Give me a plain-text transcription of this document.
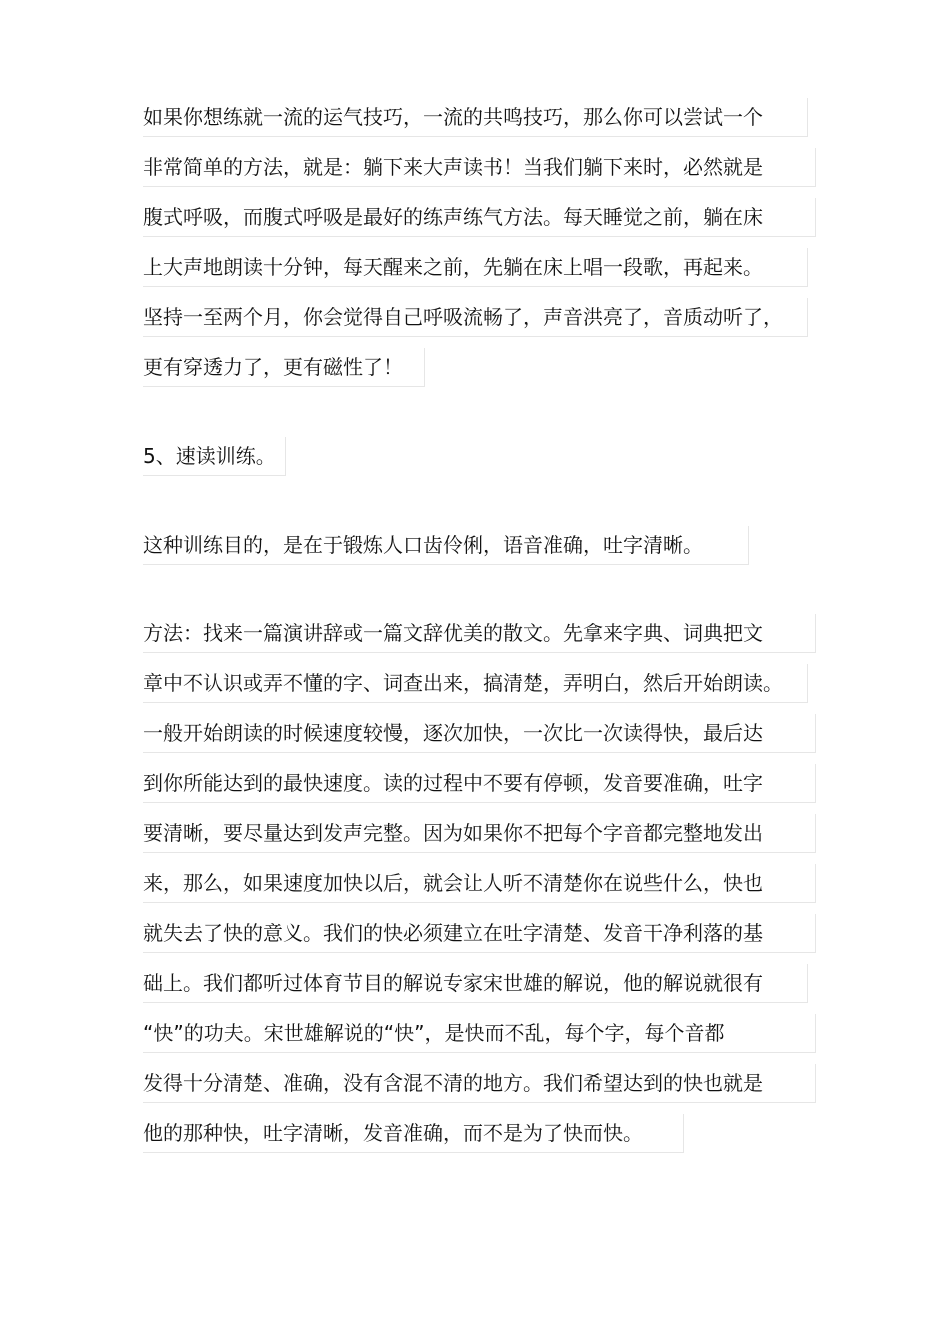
如果你想练就一流的运气技巧，一流的共鸣技巧，那么你可以尝试一个
非常简单的方法，就是：躺下来大声读书！当我们躺下来时，必然就是
腹式呼吸，而腹式呼吸是最好的练声练气方法。每天睡觉之前，躺在床
上大声地朗读十分钟，每天醒来之前，先躺在床上唱一段歌，再起来。
坚持一至两个月，你会觉得自己呼吸流畅了，声音洪亮了，音质动听了，
更有穿透力了，更有磁性了！
5、速读训练。
这种训练目的，是在于锻炼人口齿伶俐，语音准确，吐字清晰。
方法：找来一篇演讲辞或一篇文辞优美的散文。先拿来字典、词典把文
章中不认识或弄不懂的字、词查出来，搞清楚，弄明白，然后开始朗读。
一般开始朗读的时候速度较慢，逐次加快，一次比一次读得快，最后达
到你所能达到的最快速度。读的过程中不要有停顿，发音要准确，吐字
要清晰，要尽量达到发声完整。因为如果你不把每个字音都完整地发出
来，那么，如果速度加快以后，就会让人听不清楚你在说些什么，快也
就失去了快的意义。我们的快必须建立在吐字清楚、发音干净利落的基
础上。我们都听过体育节目的解说专家宋世雄的解说，他的解说就很有
“快”的功夫。宋世雄解说的“快”，是快而不乱，每个字，每个音都
发得十分清楚、准确，没有含混不清的地方。我们希望达到的快也就是
他的那种快，吐字清晰，发音准确，而不是为了快而快。
